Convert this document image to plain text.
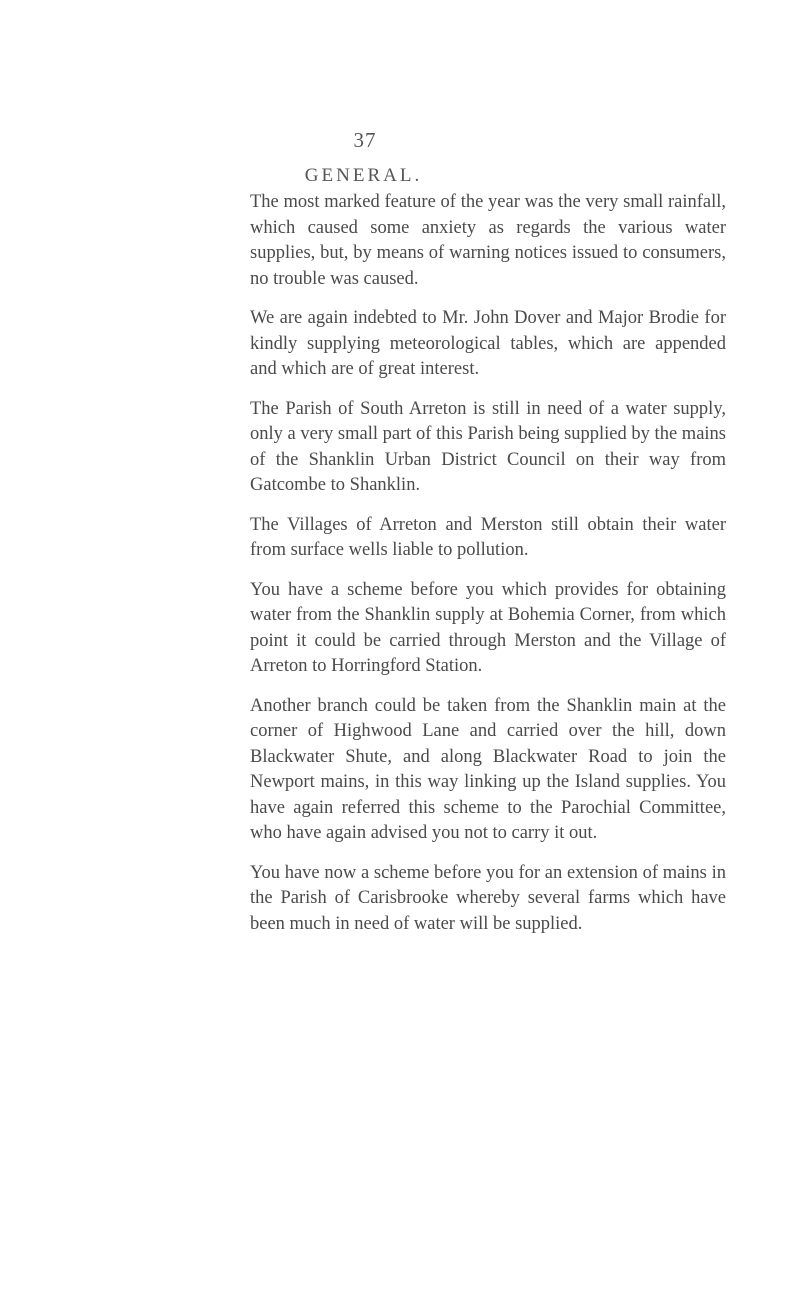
37
GENERAL.

The most marked feature of the year was the very small rainfall, which caused some anxiety as regards the various water supplies, but, by means of warning notices issued to consumers, no trouble was caused.

We are again indebted to Mr. John Dover and Major Brodie for kindly supplying meteorological tables, which are appended and which are of great interest.

The Parish of South Arreton is still in need of a water supply, only a very small part of this Parish being supplied by the mains of the Shanklin Urban District Council on their way from Gatcombe to Shanklin.

The Villages of Arreton and Merston still obtain their water from surface wells liable to pollution.

You have a scheme before you which provides for obtaining water from the Shanklin supply at Bohemia Corner, from which point it could be carried through Merston and the Village of Arreton to Horringford Station.

Another branch could be taken from the Shanklin main at the corner of Highwood Lane and carried over the hill, down Blackwater Shute, and along Blackwater Road to join the Newport mains, in this way linking up the Island supplies. You have again referred this scheme to the Parochial Committee, who have again advised you not to carry it out.

You have now a scheme before you for an extension of mains in the Parish of Carisbrooke whereby several farms which have been much in need of water will be supplied.
